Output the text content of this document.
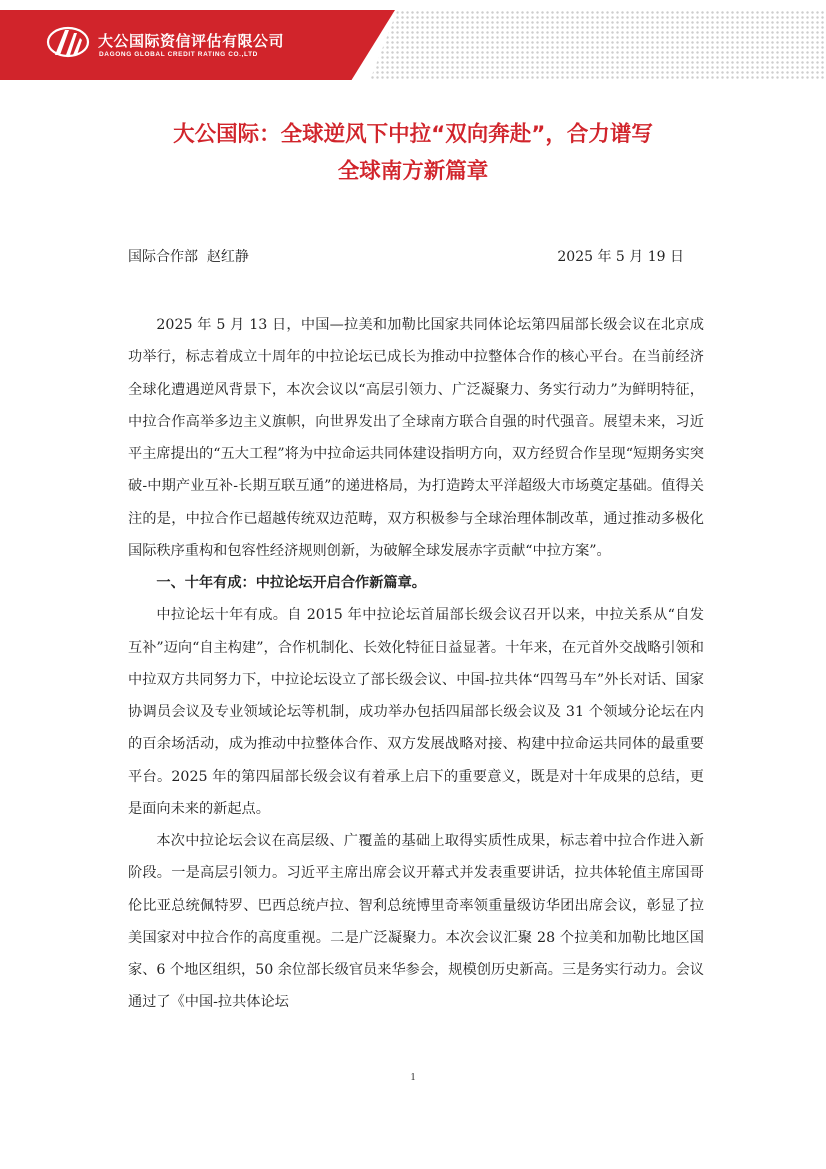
大公国际资信评估有限公司
DAGONG GLOBAL CREDIT RATING CO.,LTD
大公国际：全球逆风下中拉“双向奔赴”，合力谱写
全球南方新篇章
国际合作部  赵红静	2025 年 5 月 19 日

2025 年 5 月 13 日，中国—拉美和加勒比国家共同体论坛第四届部长级会议在北京成功举行，标志着成立十周年的中拉论坛已成长为推动中拉整体合作的核心平台。在当前经济全球化遭遇逆风背景下，本次会议以“高层引领力、广泛凝聚力、务实行动力”为鲜明特征，中拉合作高举多边主义旗帜，向世界发出了全球南方联合自强的时代强音。展望未来，习近平主席提出的“五大工程”将为中拉命运共同体建设指明方向，双方经贸合作呈现“短期务实突破-中期产业互补-长期互联互通”的递进格局，为打造跨太平洋超级大市场奠定基础。值得关注的是，中拉合作已超越传统双边范畴，双方积极参与全球治理体制改革，通过推动多极化国际秩序重构和包容性经济规则创新，为破解全球发展赤字贡献“中拉方案”。

一、十年有成：中拉论坛开启合作新篇章。

中拉论坛十年有成。自 2015 年中拉论坛首届部长级会议召开以来，中拉关系从“自发互补”迈向“自主构建”，合作机制化、长效化特征日益显著。十年来，在元首外交战略引领和中拉双方共同努力下，中拉论坛设立了部长级会议、中国-拉共体“四驾马车”外长对话、国家协调员会议及专业领域论坛等机制，成功举办包括四届部长级会议及 31 个领域分论坛在内的百余场活动，成为推动中拉整体合作、双方发展战略对接、构建中拉命运共同体的最重要平台。2025 年的第四届部长级会议有着承上启下的重要意义，既是对十年成果的总结，更是面向未来的新起点。

本次中拉论坛会议在高层级、广覆盖的基础上取得实质性成果，标志着中拉合作进入新阶段。一是高层引领力。习近平主席出席会议开幕式并发表重要讲话，拉共体轮值主席国哥伦比亚总统佩特罗、巴西总统卢拉、智利总统博里奇率领重量级访华团出席会议，彰显了拉美国家对中拉合作的高度重视。二是广泛凝聚力。本次会议汇聚 28 个拉美和加勒比地区国家、6 个地区组织，50 余位部长级官员来华参会，规模创历史新高。三是务实行动力。会议通过了《中国-拉共体论坛

1
